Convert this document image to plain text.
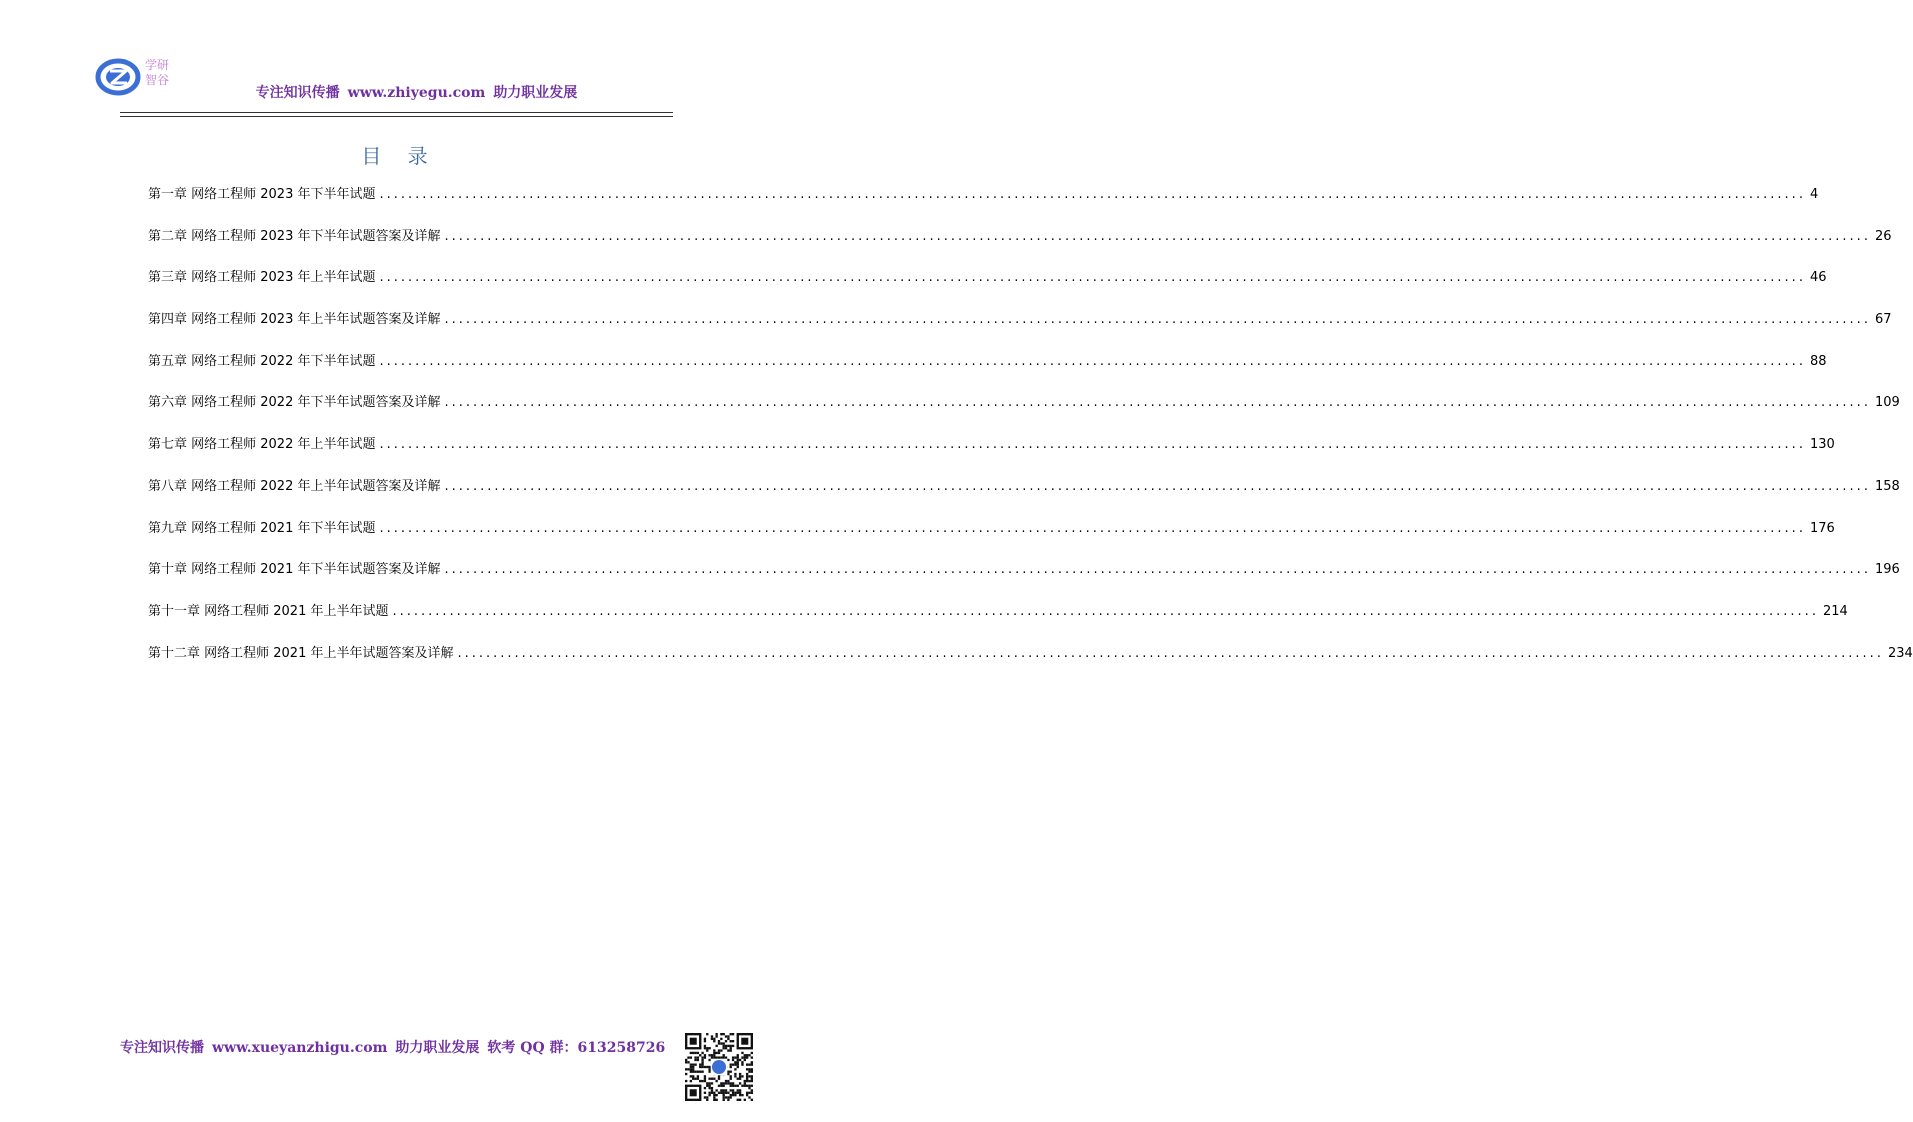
学研
智谷
专注知识传播 www.zhiyegu.com 助力职业发展
目 录
第一章 网络工程师 2023 年下半年试题 ........................................................................................................................................................................................................ 4
第二章 网络工程师 2023 年下半年试题答案及详解 ........................................................................................................................................................................................................ 26
第三章 网络工程师 2023 年上半年试题 ........................................................................................................................................................................................................ 46
第四章 网络工程师 2023 年上半年试题答案及详解 ........................................................................................................................................................................................................ 67
第五章 网络工程师 2022 年下半年试题 ........................................................................................................................................................................................................ 88
第六章 网络工程师 2022 年下半年试题答案及详解 ........................................................................................................................................................................................................ 109
第七章 网络工程师 2022 年上半年试题 ........................................................................................................................................................................................................ 130
第八章 网络工程师 2022 年上半年试题答案及详解 ........................................................................................................................................................................................................ 158
第九章 网络工程师 2021 年下半年试题 ........................................................................................................................................................................................................ 176
第十章 网络工程师 2021 年下半年试题答案及详解 ........................................................................................................................................................................................................ 196
第十一章 网络工程师 2021 年上半年试题 ........................................................................................................................................................................................................ 214
第十二章 网络工程师 2021 年上半年试题答案及详解 ........................................................................................................................................................................................................ 234
专注知识传播 www.xueyanzhigu.com 助力职业发展 软考 QQ 群：613258726
